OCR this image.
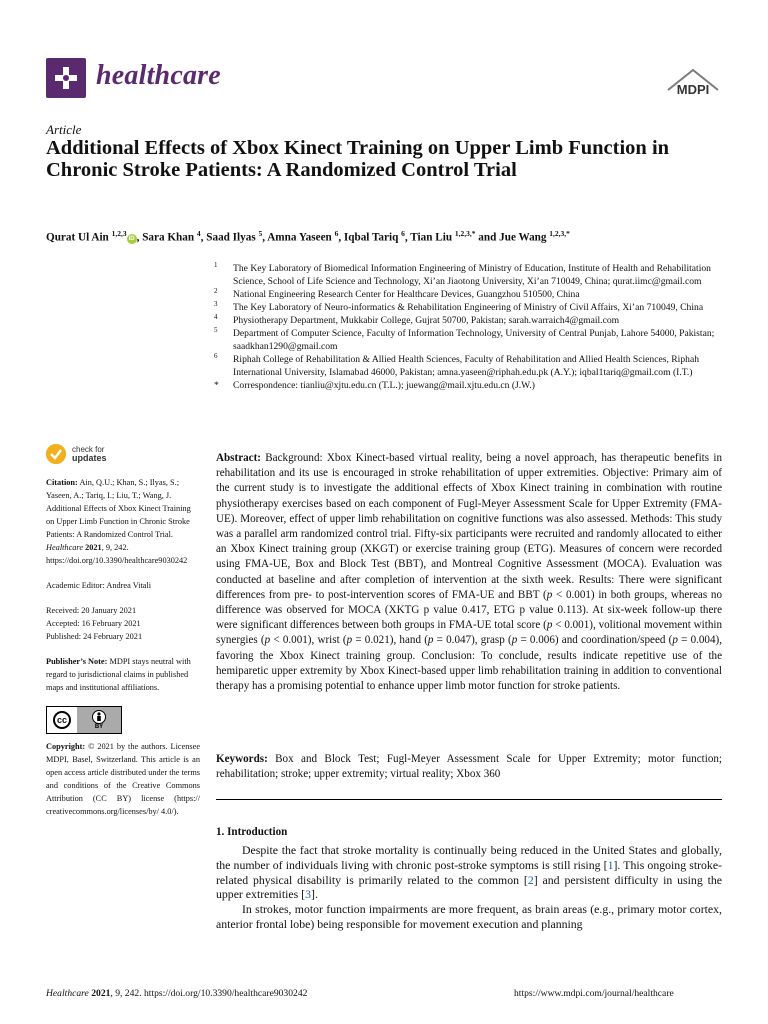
healthcare	MDPI
Article
Additional Effects of Xbox Kinect Training on Upper Limb Function in Chronic Stroke Patients: A Randomized Control Trial
Qurat Ul Ain $^{1,2,3}$iD , Sara Khan $^4$, Saad Ilyas $^5$, Amna Yaseen $^6$, Iqbal Tariq $^6$, Tian Liu $^{1,2,3,*}$ and Jue Wang $^{1,2,3,*}$
1 The Key Laboratory of Biomedical Information Engineering of Ministry of Education, Institute of Health and Rehabilitation Science, School of Life Science and Technology, Xi’an Jiaotong University, Xi’an 710049, China; qurat.iimc@gmail.com
2 National Engineering Research Center for Healthcare Devices, Guangzhou 510500, China
3 The Key Laboratory of Neuro-informatics & Rehabilitation Engineering of Ministry of Civil Affairs, Xi’an 710049, China
4 Physiotherapy Department, Mukkabir College, Gujrat 50700, Pakistan; sarah.warraich4@gmail.com
5 Department of Computer Science, Faculty of Information Technology, University of Central Punjab, Lahore 54000, Pakistan; saadkhan1290@gmail.com
6 Riphah College of Rehabilitation & Allied Health Sciences, Faculty of Rehabilitation and Allied Health Sciences, Riphah International University, Islamabad 46000, Pakistan; amna.yaseen@riphah.edu.pk (A.Y.); iqbal1tariq@gmail.com (I.T.)
* Correspondence: tianliu@xjtu.edu.cn (T.L.); juewang@mail.xjtu.edu.cn (J.W.)
check for
updates

Citation: Ain, Q.U.; Khan, S.; Ilyas, S.; Yaseen, A.; Tariq, I.; Liu, T.; Wang, J. Additional Effects of Xbox Kinect Training on Upper Limb Function in Chronic Stroke Patients: A Randomized Control Trial. Healthcare 2021, 9, 242. https://doi.org/10.3390/healthcare9030242

Academic Editor: Andrea Vitali

Received: 20 January 2021

Accepted: 16 February 2021

Published: 24 February 2021

Publisher’s Note: MDPI stays neutral with regard to jurisdictional claims in published maps and institutional affiliations.

cc
BY

Copyright: © 2021 by the authors. Licensee MDPI, Basel, Switzerland. This article is an open access article distributed under the terms and conditions of the Creative Commons Attribution (CC BY) license (https:// creativecommons.org/licenses/by/ 4.0/).

Abstract: Background: Xbox Kinect-based virtual reality, being a novel approach, has therapeutic benefits in rehabilitation and its use is encouraged in stroke rehabilitation of upper extremities. Objective: Primary aim of the current study is to investigate the additional effects of Xbox Kinect training in combination with routine physiotherapy exercises based on each component of Fugl-Meyer Assessment Scale for Upper Extremity (FMA-UE). Moreover, effect of upper limb rehabilitation on cognitive functions was also assessed. Methods: This study was a parallel arm randomized control trial. Fifty-six participants were recruited and randomly allocated to either an Xbox Kinect training group (XKGT) or exercise training group (ETG). Measures of concern were recorded using FMA-UE, Box and Block Test (BBT), and Montreal Cognitive Assessment (MOCA). Evaluation was conducted at baseline and after completion of intervention at the sixth week. Results: There were significant differences from pre- to post-intervention scores of FMA-UE and BBT (p < 0.001) in both groups, whereas no difference was observed for MOCA (XKTG p value 0.417, ETG p value 0.113). At six-week follow-up there were significant differences between both groups in FMA-UE total score (p < 0.001), volitional movement within synergies (p < 0.001), wrist (p = 0.021), hand (p = 0.047), grasp (p = 0.006) and coordination/speed (p = 0.004), favoring the Xbox Kinect training group. Conclusion: To conclude, results indicate repetitive use of the hemiparetic upper extremity by Xbox Kinect-based upper limb rehabilitation training in addition to conventional therapy has a promising potential to enhance upper limb motor function for stroke patients.
Keywords: Box and Block Test; Fugl-Meyer Assessment Scale for Upper Extremity; motor function; rehabilitation; stroke; upper extremity; virtual reality; Xbox 360
1. Introduction

Despite the fact that stroke mortality is continually being reduced in the United States and globally, the number of individuals living with chronic post-stroke symptoms is still rising [1]. This ongoing stroke-related physical disability is primarily related to the common [2] and persistent difficulty in using the upper extremities [3].

In strokes, motor function impairments are more frequent, as brain areas (e.g., primary motor cortex, anterior frontal lobe) being responsible for movement execution and planning

Healthcare 2021, 9, 242. https://doi.org/10.3390/healthcare9030242	https://www.mdpi.com/journal/healthcare
